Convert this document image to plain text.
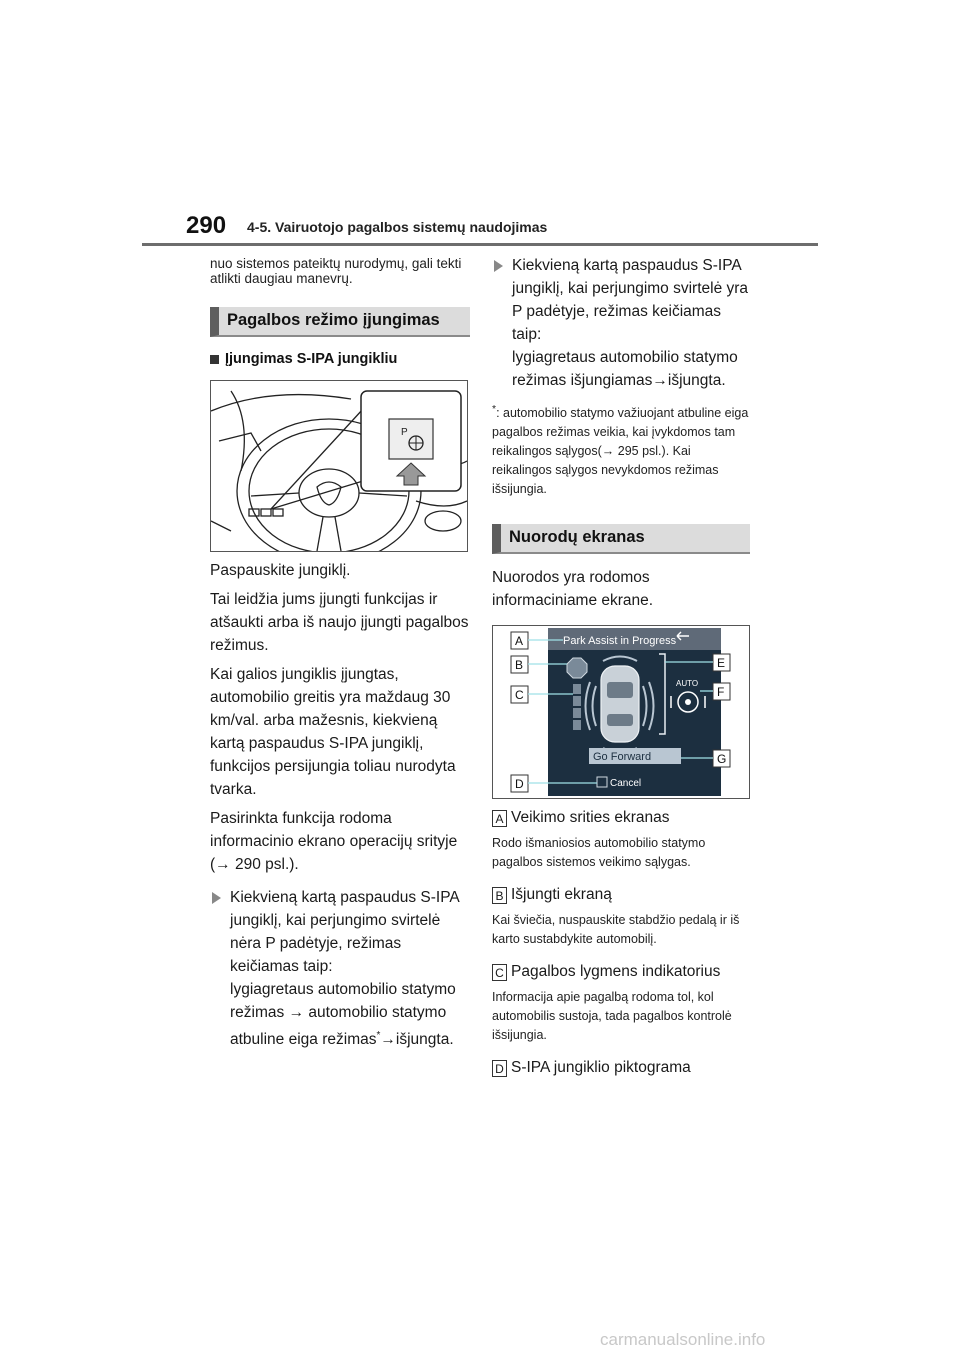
290 4-5. Vairuotojo pagalbos sistemų naudojimas
nuo sistemos pateiktų nurodymų, gali tekti atlikti daugiau manevrų.
Pagalbos režimo įjungimas
Įjungimas S-IPA jungikliu
P

Paspauskite jungiklį.

Tai leidžia jums įjungti funkcijas ir atšaukti arba iš naujo įjungti pagalbos režimus.

Kai galios jungiklis įjungtas, automobilio greitis yra maždaug 30 km/val. arba mažesnis, kiekvieną kartą paspaudus S-IPA jungiklį, funkcijos persijungia toliau nurodyta tvarka.

Pasirinkta funkcija rodoma informacinio ekrano operacijų srityje (→ 290 psl.).

Kiekvieną kartą paspaudus S-IPA jungiklį, kai perjungimo svirtelė nėra P padėtyje, režimas keičiamas taip:
lygiagretaus automobilio statymo režimas → automobilio statymo atbuline eiga režimas*→išjungta.
Kiekvieną kartą paspaudus S-IPA jungiklį, kai perjungimo svirtelė yra P padėtyje, režimas keičiamas taip:
lygiagretaus automobilio statymo režimas išjungiamas→išjungta.
*: automobilio statymo važiuojant atbuline eiga pagalbos režimas veikia, kai įvykdomos tam reikalingos sąlygos(→ 295 psl.). Kai reikalingos sąlygos nevykdomos režimas išsijungia.
Nuorodų ekranas

Nuorodos yra rodomos informaciniame ekrane.

Park Assist in Progress
AUTO
Go Forward
Cancel
A
B
C
D
E
F
G
A Veikimo srities ekranas
Rodo išmaniosios automobilio statymo pagalbos sistemos veikimo sąlygas.
B Išjungti ekraną
Kai šviečia, nuspauskite stabdžio pedalą ir iš karto sustabdykite automobilį.
C Pagalbos lygmens indikatorius
Informacija apie pagalbą rodoma tol, kol automobilis sustoja, tada pagalbos kontrolė išsijungia.
D S-IPA jungiklio piktograma
carmanualsonline.info
